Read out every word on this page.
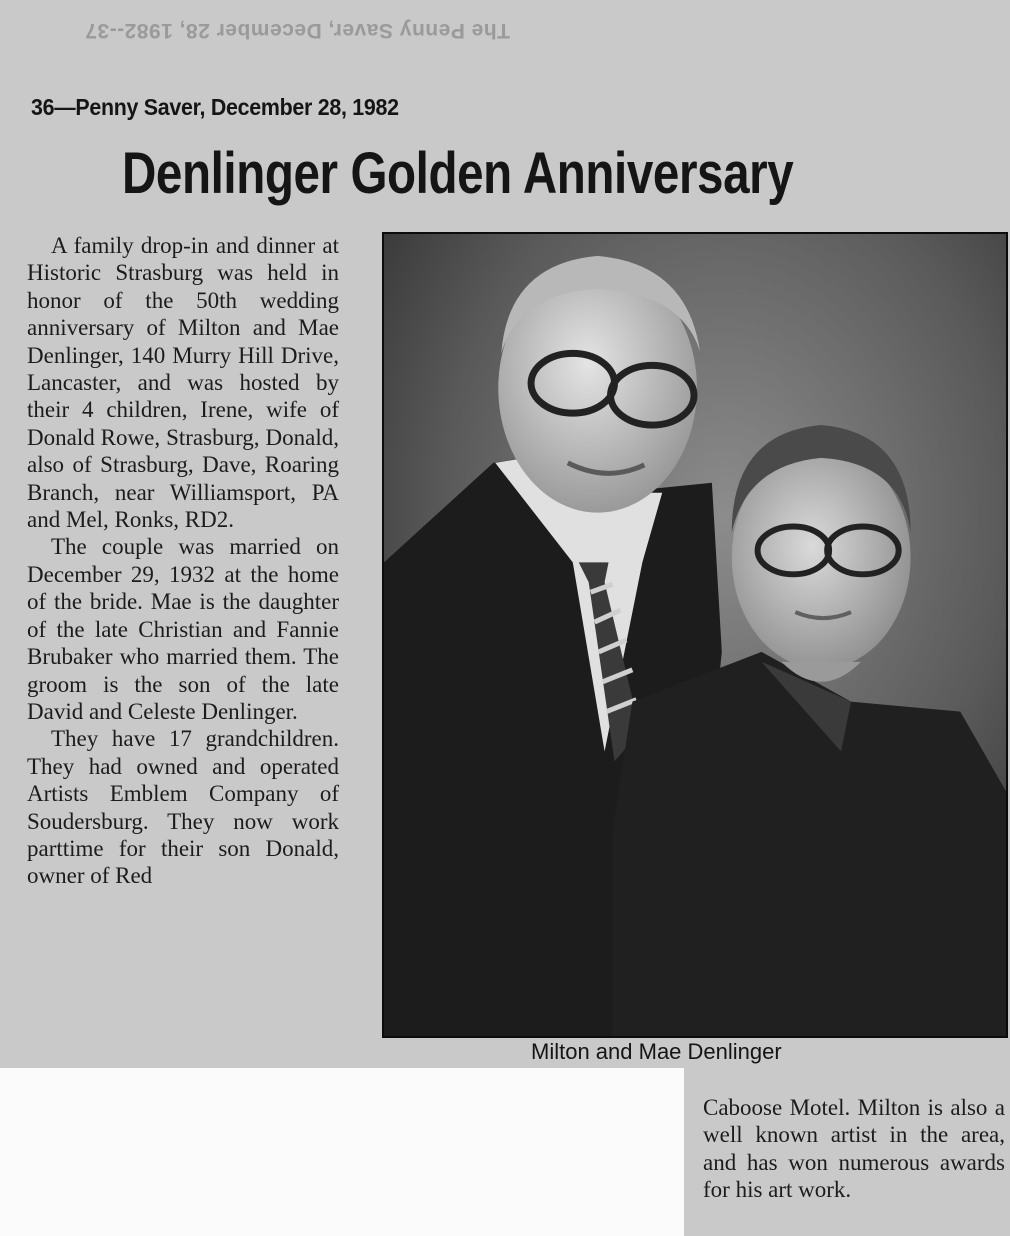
The Penny Saver, December 28, 1982--37
36—Penny Saver, December 28, 1982
Denlinger Golden Anniversary

A family drop-in and dinner at Historic Strasburg was held in honor of the 50th wedding anniversary of Milton and Mae Denlinger, 140 Murry Hill Drive, Lancaster, and was hosted by their 4 children, Irene, wife of Donald Rowe, Strasburg, Donald, also of Strasburg, Dave, Roaring Branch, near Williamsport, PA and Mel, Ronks, RD2.

The couple was married on December 29, 1932 at the home of the bride. Mae is the daughter of the late Christian and Fannie Brubaker who married them. The groom is the son of the late David and Celeste Denlinger.

They have 17 grandchildren. They had owned and operated Artists Emblem Company of Soudersburg. They now work parttime for their son Donald, owner of Red

Milton and Mae Denlinger

Caboose Motel. Milton is also a well known artist in the area, and has won numerous awards for his art work.
